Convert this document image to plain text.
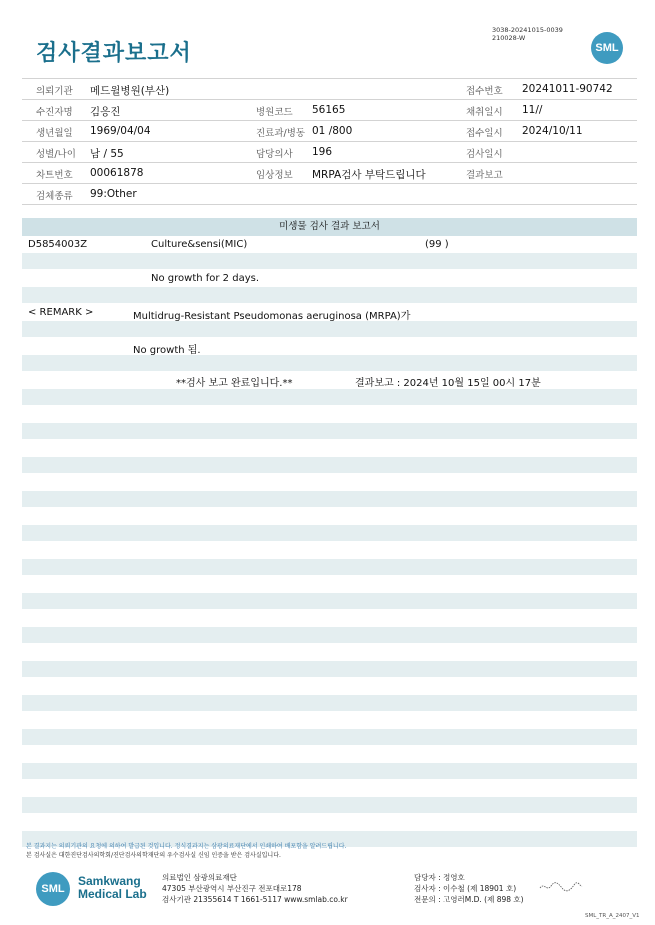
검사결과보고서
3038-20241015-0039
210028-W
SML
의뢰기관 메드윌병원(부산)	접수번호 20241011-90742
수진자명 김응진	병원코드 56165	채취일시 11//
생년월일 1969/04/04	진료과/병동 01 /800	접수일시 2024/10/11
성별/나이 남 / 55	담당의사 196	검사일시
차트번호 00061878	임상정보 MRPA검사 부탁드립니다	결과보고
검체종류 99:Other
미생물 검사 결과 보고서
D5854003Z	Culture&sensi(MIC)	(99 )
No growth for 2 days.
< REMARK >	Multidrug-Resistant Pseudomonas aeruginosa (MRPA)가
No growth 됨.
**검사 보고 완료입니다.**	결과보고 : 2024년 10월 15일 00시 17분
본 결과지는 의뢰기관의 요청에 의하여 발급된 것입니다. 정식결과지는 삼광의료재단에서 인쇄하여 배포함을 알려드립니다.
본 검사실은 대한진단검사의학회/진단검사의학재단의 우수검사실 신임 인증을 받은 검사실입니다.
SML
Samkwang
Medical Lab
의료법인 삼광의료재단
47305 부산광역시 부산진구 전포대로178
검사기관 21355614 T 1661-5117 www.smlab.co.kr
담당자 : 정영호
검사자 : 이수철 (제 18901 호)
전문의 : 고영러M.D. (제 898 호)
SML_TR_A_2407_V1
